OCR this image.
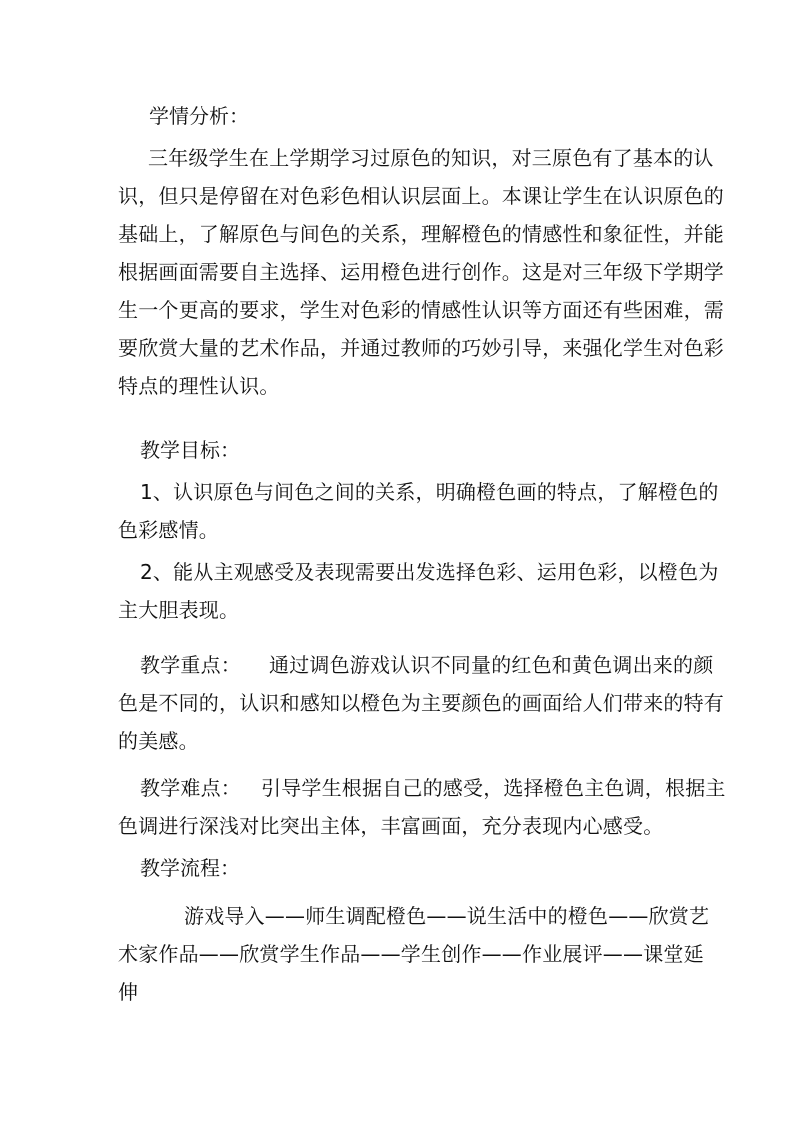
学情分析：
三年级学生在上学期学习过原色的知识，对三原色有了基本的认
识，但只是停留在对色彩色相认识层面上。本课让学生在认识原色的
基础上，了解原色与间色的关系，理解橙色的情感性和象征性，并能
根据画面需要自主选择、运用橙色进行创作。这是对三年级下学期学
生一个更高的要求，学生对色彩的情感性认识等方面还有些困难，需
要欣赏大量的艺术作品，并通过教师的巧妙引导，来强化学生对色彩
特点的理性认识。
教学目标：
1、认识原色与间色之间的关系，明确橙色画的特点，了解橙色的
色彩感情。
2、能从主观感受及表现需要出发选择色彩、运用色彩，以橙色为
主大胆表现。
教学重点： 通过调色游戏认识不同量的红色和黄色调出来的颜
色是不同的，认识和感知以橙色为主要颜色的画面给人们带来的特有
的美感。
教学难点： 引导学生根据自己的感受，选择橙色主色调，根据主
色调进行深浅对比突出主体，丰富画面，充分表现内心感受。
教学流程：
游戏导入——师生调配橙色——说生活中的橙色——欣赏艺
术家作品——欣赏学生作品——学生创作——作业展评——课堂延
伸
